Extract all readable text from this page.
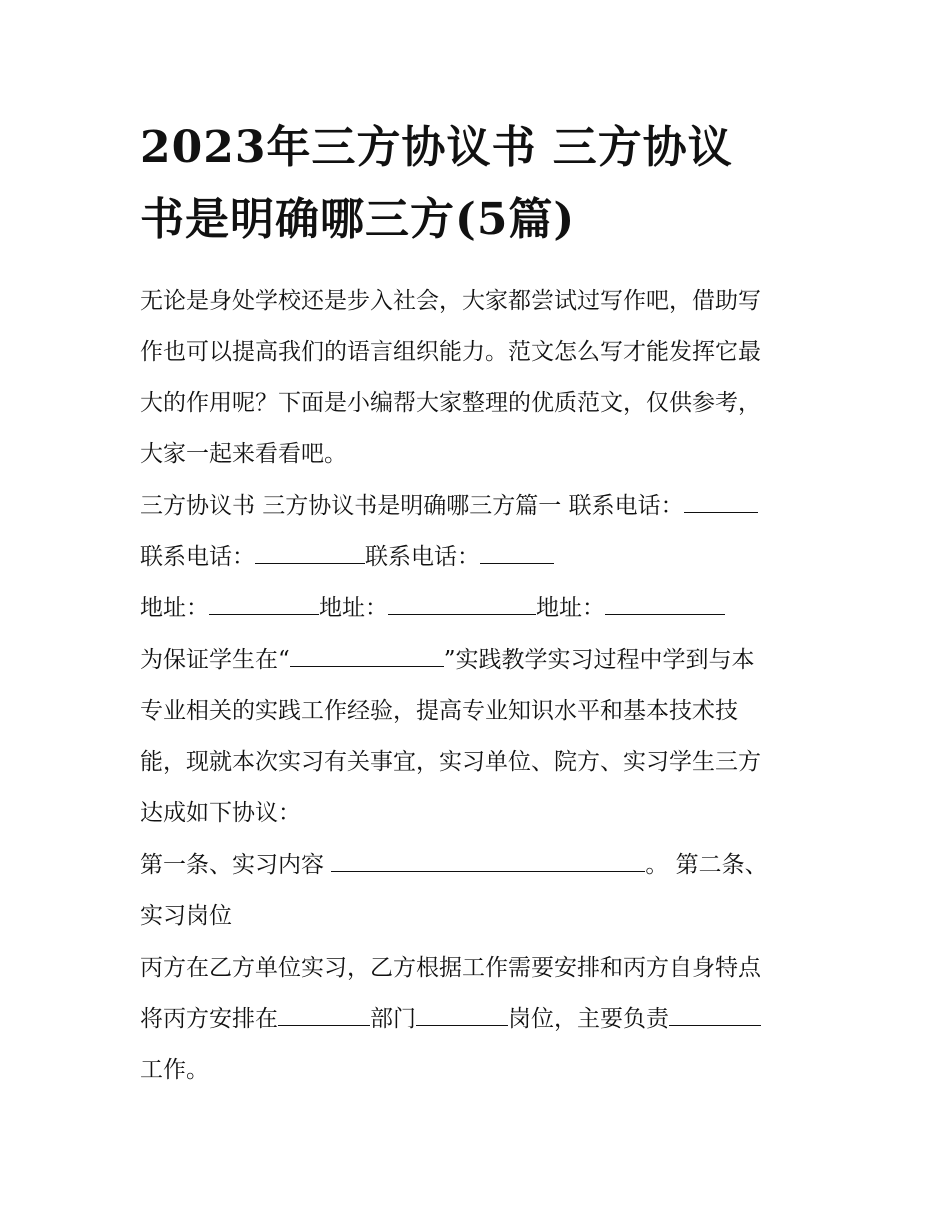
2023年三方协议书 三方协议
书是明确哪三方(5篇)
无论是身处学校还是步入社会，大家都尝试过写作吧，借助写
作也可以提高我们的语言组织能力。范文怎么写才能发挥它最
大的作用呢？下面是小编帮大家整理的优质范文，仅供参考，
大家一起来看看吧。
三方协议书 三方协议书是明确哪三方篇一 联系电话：
联系电话：	联系电话：
地址：	地址：	地址：
为保证学生在“	”实践教学实习过程中学到与本
专业相关的实践工作经验，提高专业知识水平和基本技术技
能，现就本次实习有关事宜，实习单位、院方、实习学生三方
达成如下协议：
第一条、实习内容	。 第二条、
实习岗位
丙方在乙方单位实习，乙方根据工作需要安排和丙方自身特点
将丙方安排在	部门	岗位，主要负责
工作。
